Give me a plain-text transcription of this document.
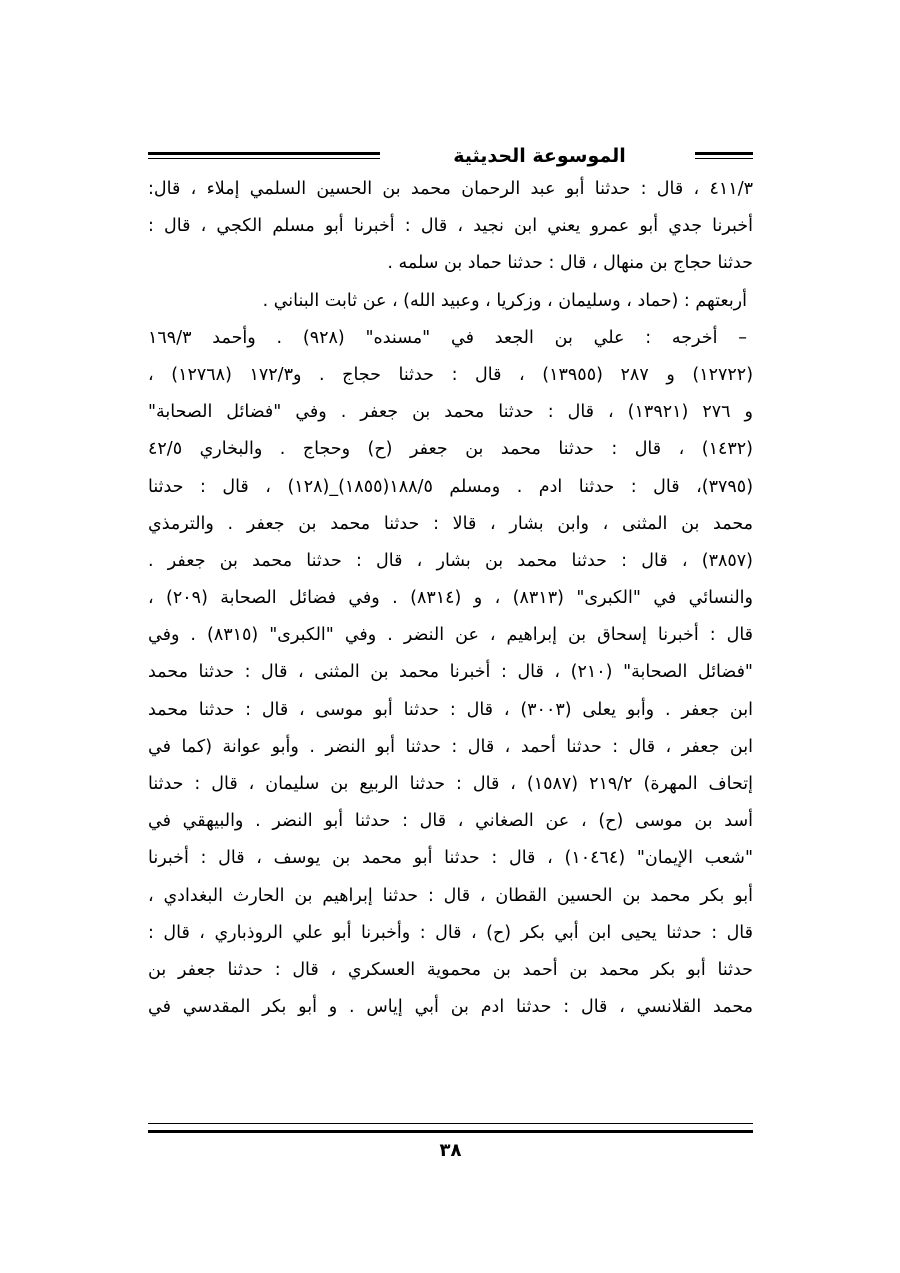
الموسوعة الحديثية
٤١١/٣ ، قال : حدثنا أبو عبد الرحمان محمد بن الحسين السلمي إملاء ، قال:
أخبرنا جدي أبو عمرو يعني ابن نجيد ، قال : أخبرنا أبو مسلم الكجي ، قال :
حدثنا حجاج بن منهال ، قال : حدثنا حماد بن سلمه .
أربعتهم : (حماد ، وسليمان ، وزكريا ، وعبيد الله) ، عن ثابت البناني .
– أخرجه : علي بن الجعد في "مسنده" (٩٢٨) . وأحمد ١٦٩/٣
(١٢٧٢٢) و ٢٨٧ (١٣٩٥٥) ، قال : حدثنا حجاج . و١٧٢/٣ (١٢٧٦٨) ،
و ٢٧٦ (١٣٩٢١) ، قال : حدثنا محمد بن جعفر . وفي "فضائل الصحابة"
(١٤٣٢) ، قال : حدثنا محمد بن جعفر (ح) وحجاج . والبخاري ٤٢/٥
(٣٧٩٥)، قال : حدثنا ادم . ومسلم ١٨٨/٥(١٨٥٥)_(١٢٨) ، قال : حدثنا
محمد بن المثنى ، وابن بشار ، قالا : حدثنا محمد بن جعفر . والترمذي
(٣٨٥٧) ، قال : حدثنا محمد بن بشار ، قال : حدثنا محمد بن جعفر .
والنسائي في "الكبرى" (٨٣١٣) ، و (٨٣١٤) . وفي فضائل الصحابة (٢٠٩) ،
قال : أخبرنا إسحاق بن إبراهيم ، عن النضر . وفي "الكبرى" (٨٣١٥) . وفي
"فضائل الصحابة" (٢١٠) ، قال : أخبرنا محمد بن المثنى ، قال : حدثنا محمد
ابن جعفر . وأبو يعلى (٣٠٠٣) ، قال : حدثنا أبو موسى ، قال : حدثنا محمد
ابن جعفر ، قال : حدثنا أحمد ، قال : حدثنا أبو النضر . وأبو عوانة (كما في
إتحاف المهرة) ٢١٩/٢ (١٥٨٧) ، قال : حدثنا الربيع بن سليمان ، قال : حدثنا
أسد بن موسى (ح) ، عن الصغاني ، قال : حدثنا أبو النضر . والبيهقي في
"شعب الإيمان" (١٠٤٦٤) ، قال : حدثنا أبو محمد بن يوسف ، قال : أخبرنا
أبو بكر محمد بن الحسين القطان ، قال : حدثنا إبراهيم بن الحارث البغدادي ،
قال : حدثنا يحيى ابن أبي بكر (ح) ، قال : وأخبرنا أبو علي الروذباري ، قال :
حدثنا أبو بكر محمد بن أحمد بن محموية العسكري ، قال : حدثنا جعفر بن
محمد القلانسي ، قال : حدثنا ادم بن أبي إياس . و أبو بكر المقدسي في
٣٨
